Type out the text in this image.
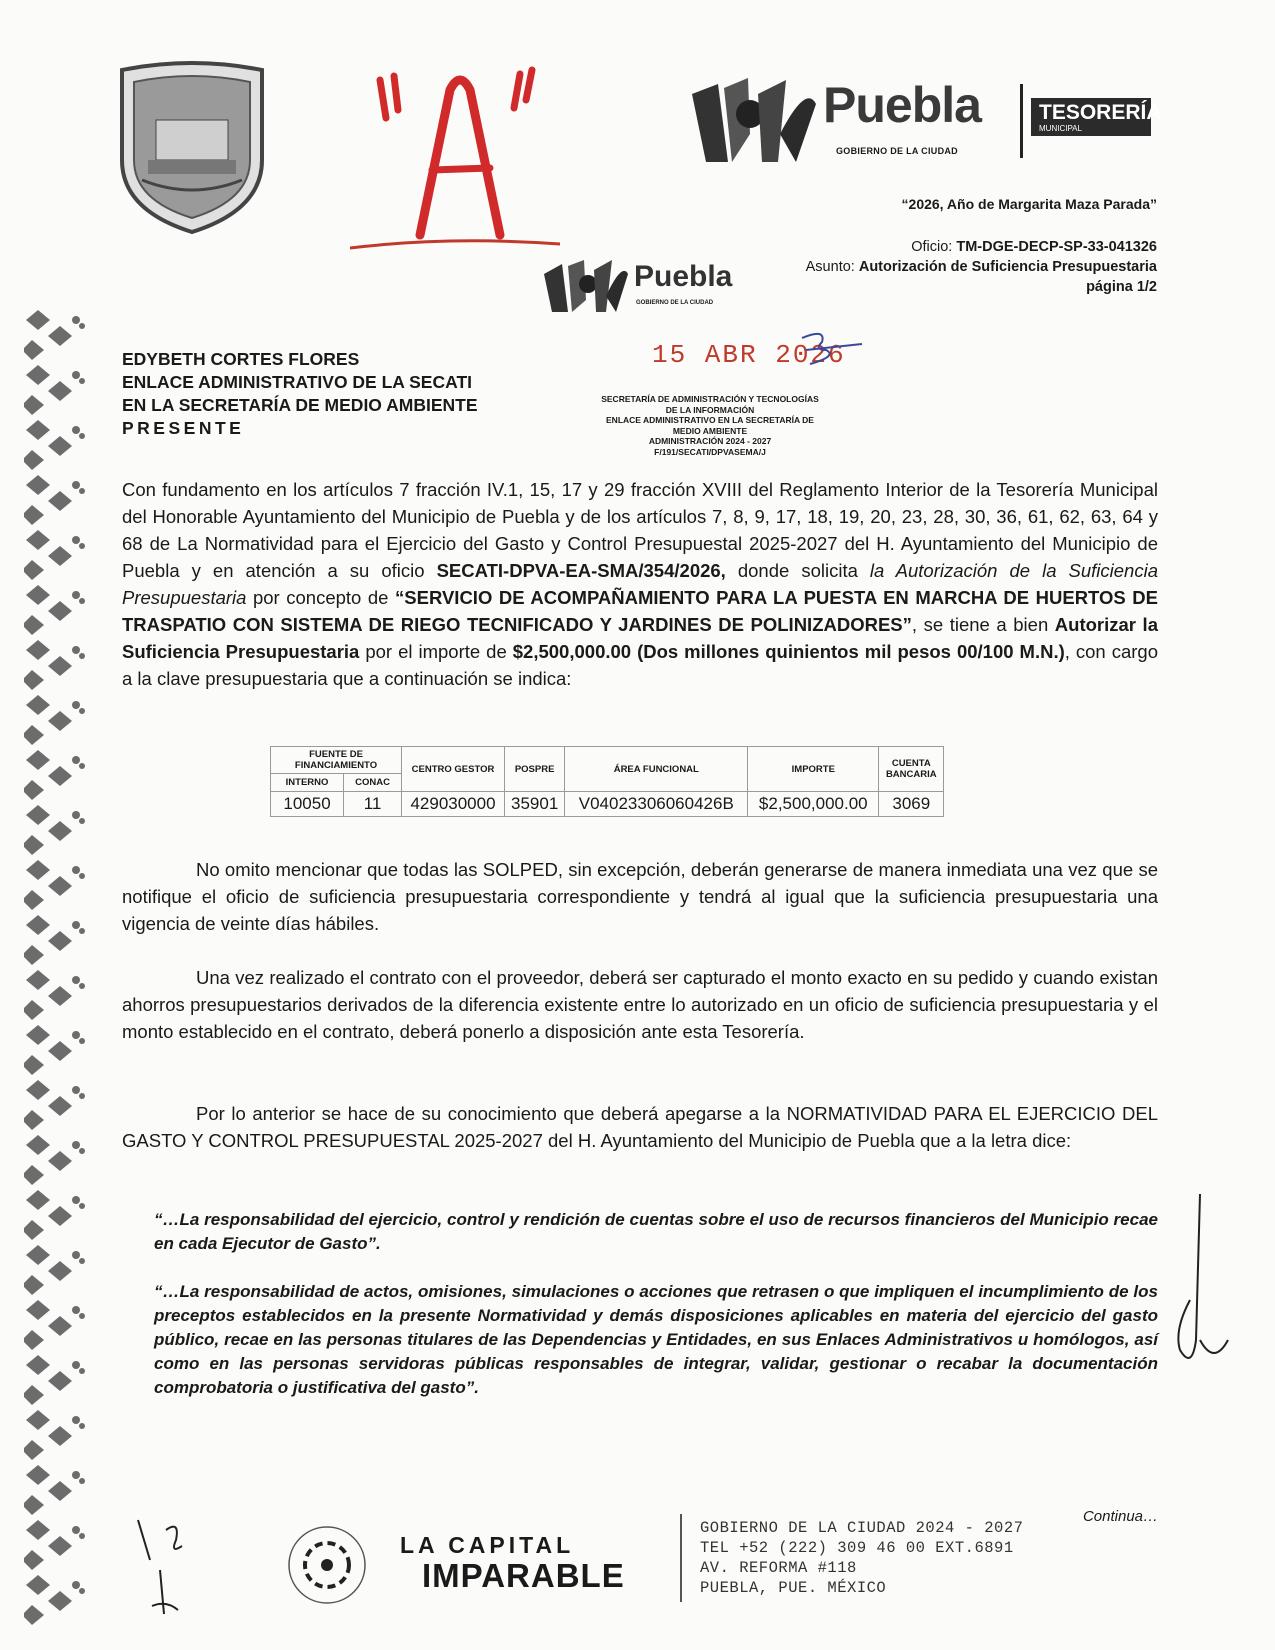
Puebla
GOBIERNO DE LA CIUDAD
TESORERÍA
MUNICIPAL
“2026, Año de Margarita Maza Parada”
Oficio: TM-DGE-DECP-SP-33-041326
Asunto: Autorización de Suficiencia Presupuestaria
página 1/2
Puebla
GOBIERNO DE LA CIUDAD
15 ABR 2026
SECRETARÍA DE ADMINISTRACIÓN Y TECNOLOGÍAS
DE LA INFORMACIÓN
ENLACE ADMINISTRATIVO EN LA SECRETARÍA DE
MEDIO AMBIENTE
ADMINISTRACIÓN 2024 - 2027
F/191/SECATI/DPVASEMA/J
EDYBETH CORTES FLORES
ENLACE ADMINISTRATIVO DE LA SECATI
EN LA SECRETARÍA DE MEDIO AMBIENTE
PRESENTE
Con fundamento en los artículos 7 fracción IV.1, 15, 17 y 29 fracción XVIII del Reglamento Interior de la Tesorería Municipal del Honorable Ayuntamiento del Municipio de Puebla y de los artículos 7, 8, 9, 17, 18, 19, 20, 23, 28, 30, 36, 61, 62, 63, 64 y 68 de La Normatividad para el Ejercicio del Gasto y Control Presupuestal 2025-2027 del H. Ayuntamiento del Municipio de Puebla y en atención a su oficio SECATI-DPVA-EA-SMA/354/2026, donde solicita la Autorización de la Suficiencia Presupuestaria por concepto de “SERVICIO DE ACOMPAÑAMIENTO PARA LA PUESTA EN MARCHA DE HUERTOS DE TRASPATIO CON SISTEMA DE RIEGO TECNIFICADO Y JARDINES DE POLINIZADORES”, se tiene a bien Autorizar la Suficiencia Presupuestaria por el importe de $2,500,000.00 (Dos millones quinientos mil pesos 00/100 M.N.), con cargo a la clave presupuestaria que a continuación se indica:
FUENTE DE FINANCIAMIENTO		CENTRO GESTOR	POSPRE	ÁREA FUNCIONAL	IMPORTE	CUENTA BANCARIA
INTERNO	CONAC					
10050	11	429030000	35901	V04023306060426B	$2,500,000.00	3069
No omito mencionar que todas las SOLPED, sin excepción, deberán generarse de manera inmediata una vez que se notifique el oficio de suficiencia presupuestaria correspondiente y tendrá al igual que la suficiencia presupuestaria una vigencia de veinte días hábiles.
Una vez realizado el contrato con el proveedor, deberá ser capturado el monto exacto en su pedido y cuando existan ahorros presupuestarios derivados de la diferencia existente entre lo autorizado en un oficio de suficiencia presupuestaria y el monto establecido en el contrato, deberá ponerlo a disposición ante esta Tesorería.
Por lo anterior se hace de su conocimiento que deberá apegarse a la NORMATIVIDAD PARA EL EJERCICIO DEL GASTO Y CONTROL PRESUPUESTAL 2025-2027 del H. Ayuntamiento del Municipio de Puebla que a la letra dice:
“…La responsabilidad del ejercicio, control y rendición de cuentas sobre el uso de recursos financieros del Municipio recae en cada Ejecutor de Gasto”.
“…La responsabilidad de actos, omisiones, simulaciones o acciones que retrasen o que impliquen el incumplimiento de los preceptos establecidos en la presente Normatividad y demás disposiciones aplicables en materia del ejercicio del gasto público, recae en las personas titulares de las Dependencias y Entidades, en sus Enlaces Administrativos u homólogos, así como en las personas servidoras públicas responsables de integrar, validar, gestionar o recabar la documentación comprobatoria o justificativa del gasto”.
Continua…
LA CAPITAL
IMPARABLE
GOBIERNO DE LA CIUDAD 2024 - 2027
TEL +52 (222) 309 46 00 EXT.6891
AV. REFORMA #118
PUEBLA, PUE. MÉXICO
